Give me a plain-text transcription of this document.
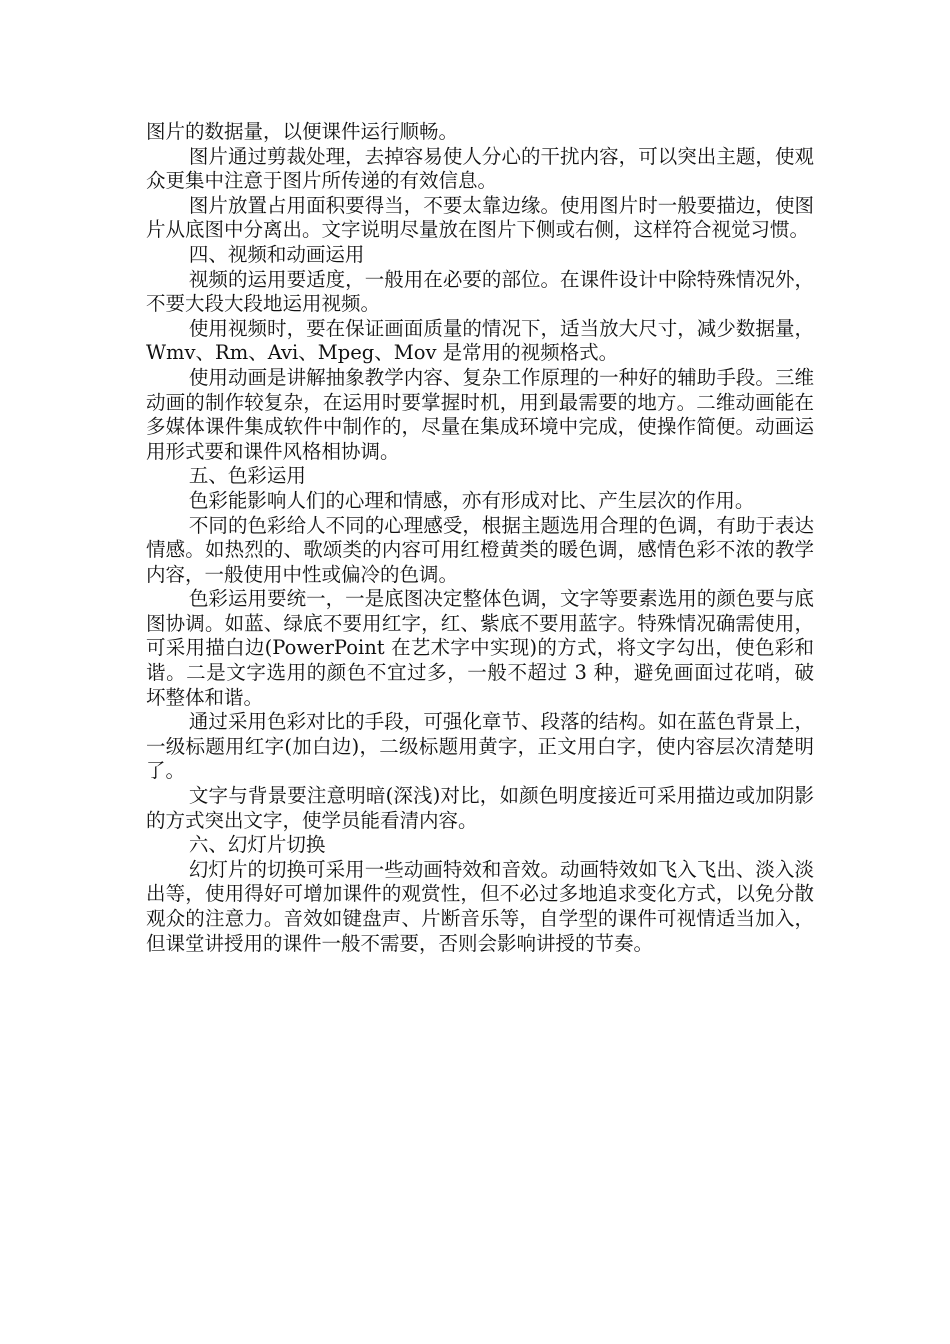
图片的数据量，以便课件运行顺畅。

图片通过剪裁处理，去掉容易使人分心的干扰内容，可以突出主题，使观众更集中注意于图片所传递的有效信息。

图片放置占用面积要得当，不要太靠边缘。使用图片时一般要描边，使图片从底图中分离出。文字说明尽量放在图片下侧或右侧，这样符合视觉习惯。

四、视频和动画运用

视频的运用要适度，一般用在必要的部位。在课件设计中除特殊情况外，不要大段大段地运用视频。

使用视频时，要在保证画面质量的情况下，适当放大尺寸，减少数据量，Wmv、Rm、Avi、Mpeg、Mov 是常用的视频格式。

使用动画是讲解抽象教学内容、复杂工作原理的一种好的辅助手段。三维动画的制作较复杂，在运用时要掌握时机，用到最需要的地方。二维动画能在多媒体课件集成软件中制作的，尽量在集成环境中完成，使操作简便。动画运用形式要和课件风格相协调。

五、色彩运用

色彩能影响人们的心理和情感，亦有形成对比、产生层次的作用。

不同的色彩给人不同的心理感受，根据主题选用合理的色调，有助于表达情感。如热烈的、歌颂类的内容可用红橙黄类的暖色调，感情色彩不浓的教学内容，一般使用中性或偏冷的色调。

色彩运用要统一，一是底图决定整体色调，文字等要素选用的颜色要与底图协调。如蓝、绿底不要用红字，红、紫底不要用蓝字。特殊情况确需使用，可采用描白边(PowerPoint 在艺术字中实现)的方式，将文字勾出，使色彩和谐。二是文字选用的颜色不宜过多，一般不超过 3 种，避免画面过花哨，破坏整体和谐。

通过采用色彩对比的手段，可强化章节、段落的结构。如在蓝色背景上，一级标题用红字(加白边)，二级标题用黄字，正文用白字，使内容层次清楚明了。

文字与背景要注意明暗(深浅)对比，如颜色明度接近可采用描边或加阴影的方式突出文字，使学员能看清内容。

六、幻灯片切换

幻灯片的切换可采用一些动画特效和音效。动画特效如飞入飞出、淡入淡出等，使用得好可增加课件的观赏性，但不必过多地追求变化方式，以免分散观众的注意力。音效如键盘声、片断音乐等，自学型的课件可视情适当加入，但课堂讲授用的课件一般不需要，否则会影响讲授的节奏。
